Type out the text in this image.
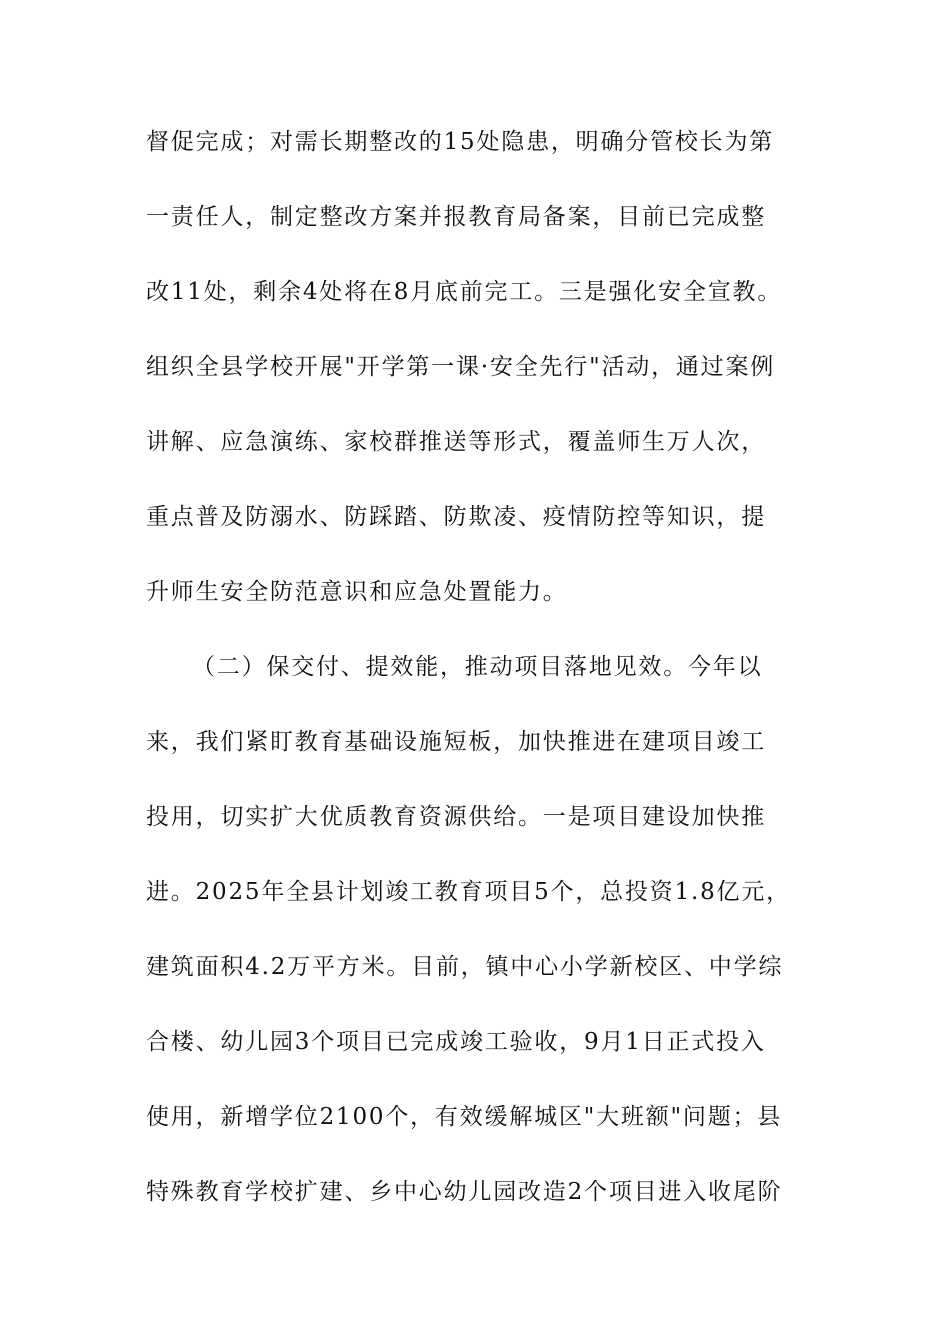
督促完成；对需长期整改的15处隐患，明确分管校长为第
一责任人，制定整改方案并报教育局备案，目前已完成整
改11处，剩余4处将在8月底前完工。三是强化安全宣教。
组织全县学校开展"开学第一课·安全先行"活动，通过案例
讲解、应急演练、家校群推送等形式，覆盖师生万人次，
重点普及防溺水、防踩踏、防欺凌、疫情防控等知识，提
升师生安全防范意识和应急处置能力。
（二）保交付、提效能，推动项目落地见效。今年以
来，我们紧盯教育基础设施短板，加快推进在建项目竣工
投用，切实扩大优质教育资源供给。一是项目建设加快推
进。2025年全县计划竣工教育项目5个，总投资1.8亿元，
建筑面积4.2万平方米。目前，镇中心小学新校区、中学综
合楼、幼儿园3个项目已完成竣工验收，9月1日正式投入
使用，新增学位2100个，有效缓解城区"大班额"问题；县
特殊教育学校扩建、乡中心幼儿园改造2个项目进入收尾阶
